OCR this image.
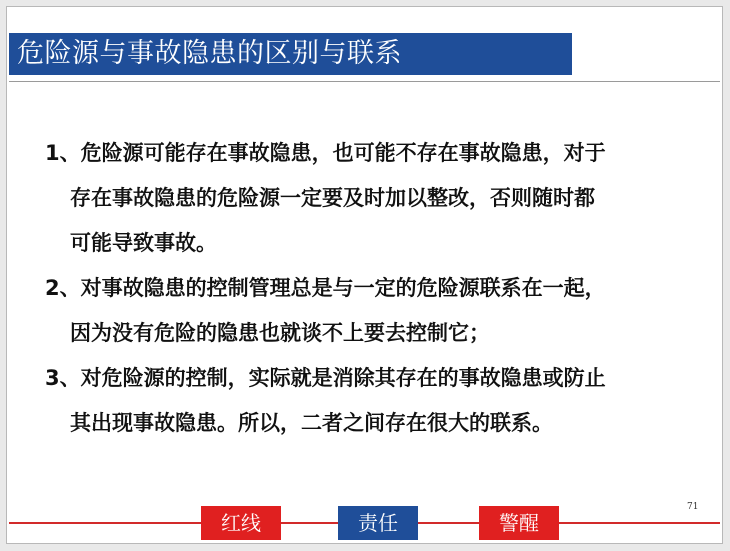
危险源与事故隐患的区别与联系
1、危险源可能存在事故隐患，也可能不存在事故隐患，对于
存在事故隐患的危险源一定要及时加以整改，否则随时都
可能导致事故。
2、对事故隐患的控制管理总是与一定的危险源联系在一起，
因为没有危险的隐患也就谈不上要去控制它；
3、对危险源的控制，实际就是消除其存在的事故隐患或防止
其出现事故隐患。所以，二者之间存在很大的联系。
71
红线	责任	警醒
